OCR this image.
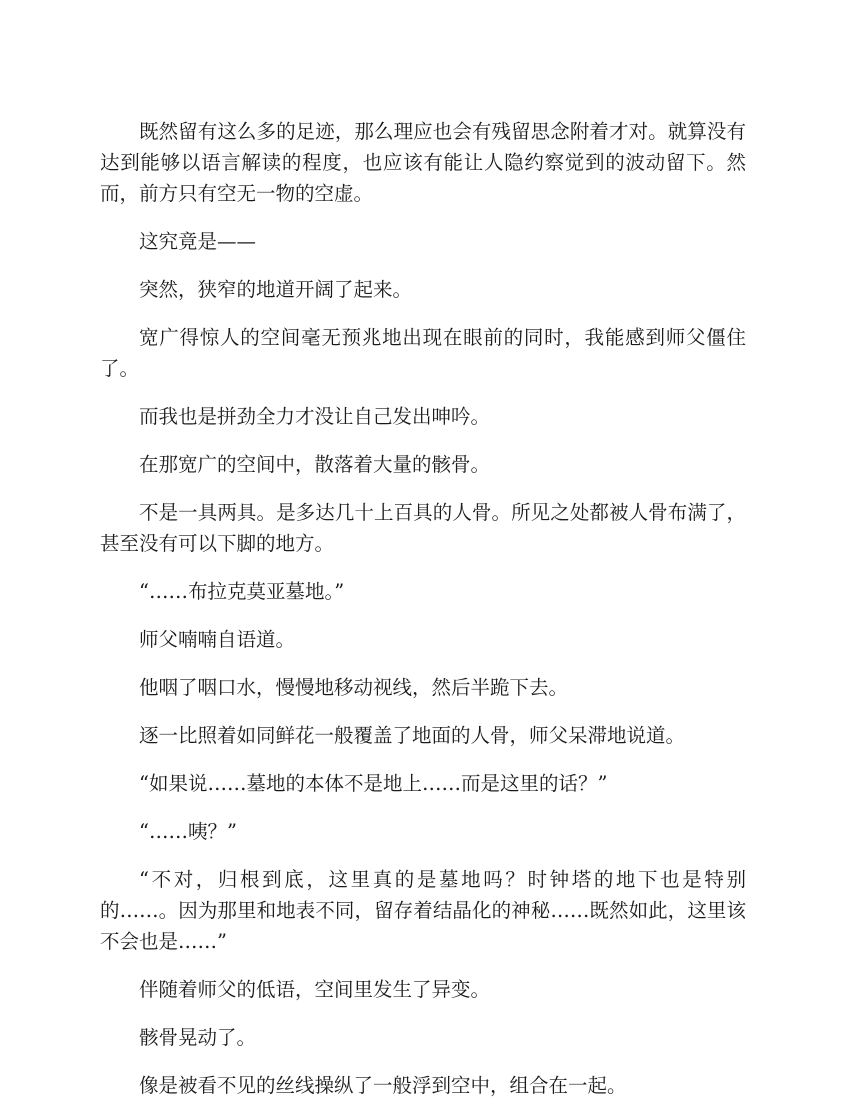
既然留有这么多的足迹，那么理应也会有残留思念附着才对。就算没有达到能够以语言解读的程度，也应该有能让人隐约察觉到的波动留下。然而，前方只有空无一物的空虚。

这究竟是——

突然，狭窄的地道开阔了起来。

宽广得惊人的空间毫无预兆地出现在眼前的同时，我能感到师父僵住了。

而我也是拼劲全力才没让自己发出呻吟。

在那宽广的空间中，散落着大量的骸骨。

不是一具两具。是多达几十上百具的人骨。所见之处都被人骨布满了，甚至没有可以下脚的地方。

“……布拉克莫亚墓地。”

师父喃喃自语道。

他咽了咽口水，慢慢地移动视线，然后半跪下去。

逐一比照着如同鲜花一般覆盖了地面的人骨，师父呆滞地说道。

“如果说……墓地的本体不是地上……而是这里的话？”

“……咦？”

“不对，归根到底，这里真的是墓地吗？时钟塔的地下也是特别的……。因为那里和地表不同，留存着结晶化的神秘……既然如此，这里该不会也是……”

伴随着师父的低语，空间里发生了异变。

骸骨晃动了。

像是被看不见的丝线操纵了一般浮到空中，组合在一起。
